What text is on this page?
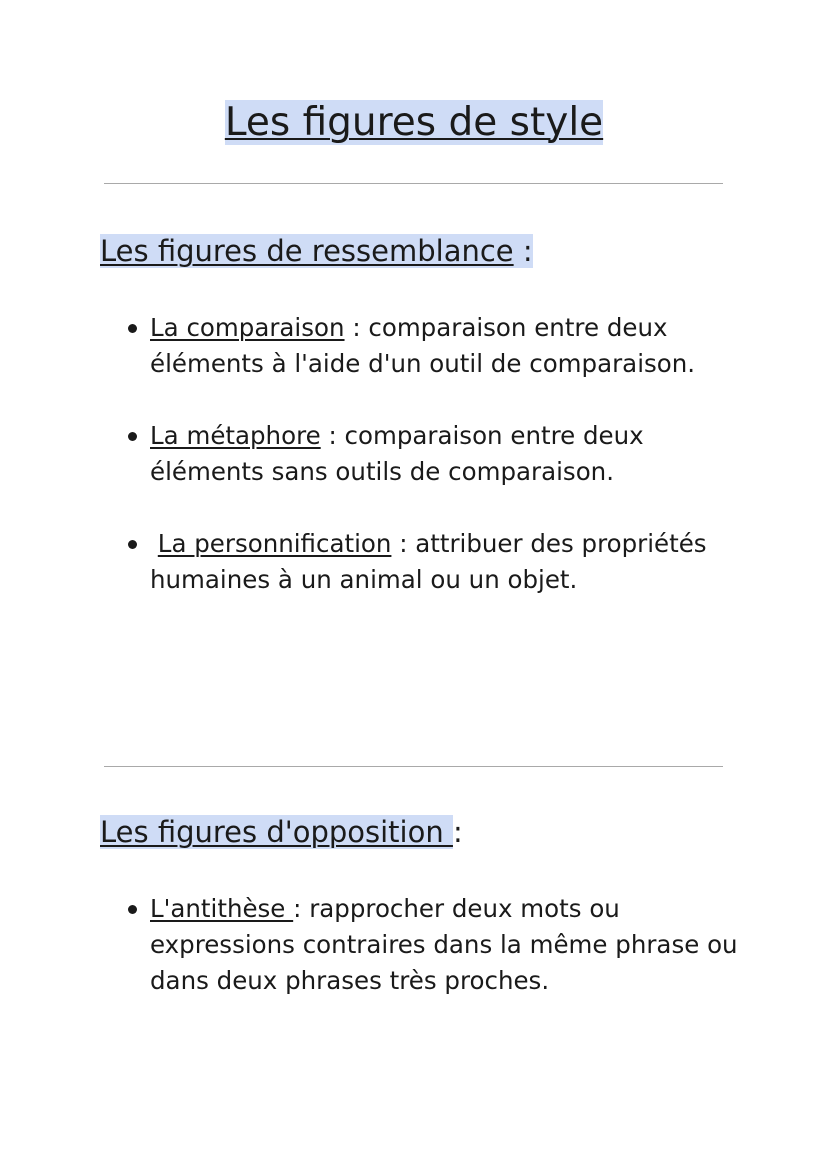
Les figures de style
Les figures de ressemblance :
La comparaison : comparaison entre deux éléments à l'aide d'un outil de comparaison.
La métaphore : comparaison entre deux éléments sans outils de comparaison.
La personnification : attribuer des propriétés humaines à un animal ou un objet.
Les figures d'opposition :
L'antithèse : rapprocher deux mots ou expressions contraires dans la même phrase ou dans deux phrases très proches.
